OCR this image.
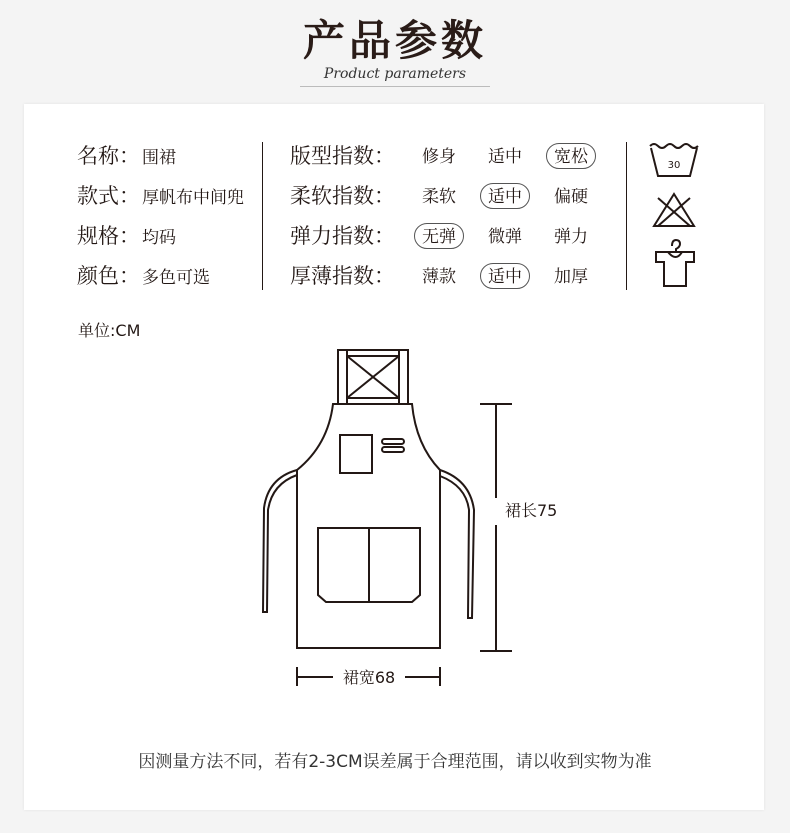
产品参数
Product parameters
名称： 围裙
款式： 厚帆布中间兜
规格： 均码
颜色： 多色可选
版型指数：	修身	适中	宽松
柔软指数：	柔软	适中	偏硬
弹力指数：	无弹	微弹	弹力
厚薄指数：	薄款	适中	加厚
30
单位:CM
裙长75
裙宽68
因测量方法不同，若有2-3CM误差属于合理范围，请以收到实物为准
